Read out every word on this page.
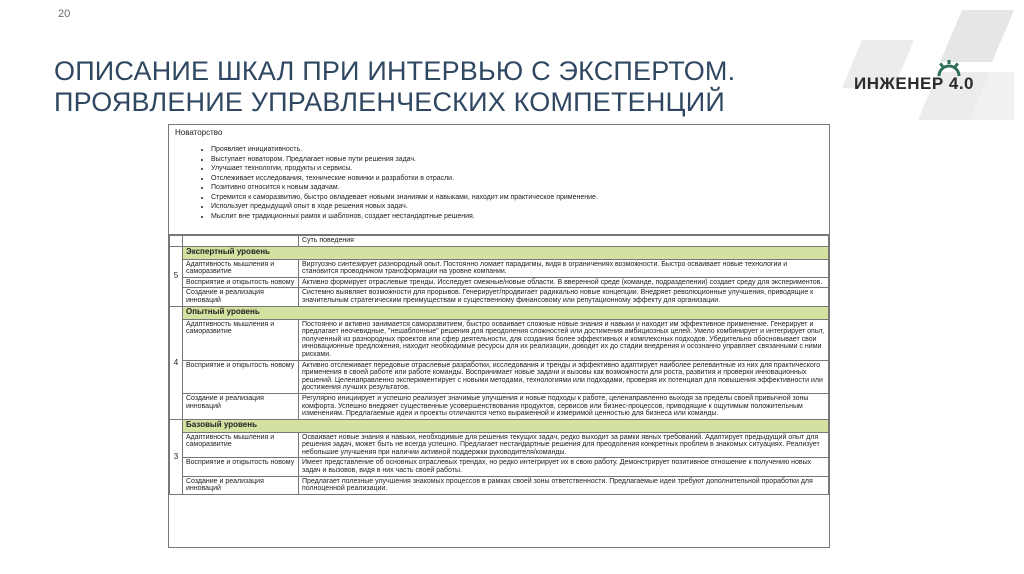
20
ОПИСАНИЕ ШКАЛ ПРИ ИНТЕРВЬЮ С ЭКСПЕРТОМ.
ПРОЯВЛЕНИЕ УПРАВЛЕНЧЕСКИХ КОМПЕТЕНЦИЙ
ИНЖЕНЕР 4.0
Новаторство
• Проявляет инициативность.
• Выступает новатором. Предлагает новые пути решения задач.
• Улучшает технологии, продукты и сервисы.
• Отслеживает исследования, технические новинки и разработки в отрасли.
• Позитивно относится к новым задачам.
• Стремится к саморазвитию, быстро овладевает новыми знаниями и навыками, находит им практическое применение.
• Использует предыдущий опыт в ходе решения новых задач.
• Мыслит вне традиционных рамок и шаблонов, создает нестандартные решения.
		Суть поведения
5	Экспертный уровень	
	Адаптивность мышления и саморазвитие	Виртуозно синтезирует разнородный опыт. Постоянно ломает парадигмы, видя в ограничениях возможности. Быстро осваивает новые технологии и становится проводником трансформации на уровне компании.
	Восприятие и открытость новому	Активно формирует отраслевые тренды. Исследует смежные/новые области. В вверенной среде (команде, подразделении) создает среду для экспериментов.
	Создание и реализация инноваций	Системно выявляет возможности для прорывов. Генерирует/продвигает радикально новые концепции. Внедряет революционные улучшения, приводящие к значительным стратегическим преимуществам и существенному финансовому или репутационному эффекту для организации.
4	Опытный уровень	
	Адаптивность мышления и саморазвитие	Постоянно и активно занимается саморазвитием, быстро осваивает сложные новые знания и навыки и находит им эффективное применение. Генерирует и предлагает неочевидные, "нешаблонные" решения для преодоления сложностей или достижения амбициозных целей. Умело комбинирует и интегрирует опыт, полученный из разнородных проектов или сфер деятельности, для создания более эффективных и комплексных подходов. Убедительно обосновывает свои инновационные предложения, находит необходимые ресурсы для их реализации, доводит их до стадии внедрения и осознанно управляет связанными с ними рисками.
	Восприятие и открытость новому	Активно отслеживает передовые отраслевые разработки, исследования и тренды и эффективно адаптирует наиболее релевантные из них для практического применения в своей работе или работе команды. Воспринимает новые задачи и вызовы как возможности для роста, развития и проверки инновационных решений. Целенаправленно экспериментирует с новыми методами, технологиями или подходами, проверяя их потенциал для повышения эффективности или достижения лучших результатов.
	Создание и реализация инноваций	Регулярно инициирует и успешно реализует значимые улучшения и новые подходы к работе, целенаправленно выходя за пределы своей привычной зоны комфорта. Успешно внедряет существенные усовершенствования продуктов, сервисов или бизнес-процессов, приводящие к ощутимым положительным изменениям. Предлагаемые идеи и проекты отличаются четко выраженной и измеримой ценностью для бизнеса или команды.
3	Базовый уровень	
	Адаптивность мышления и саморазвитие	Осваивает новые знания и навыки, необходимые для решения текущих задач, редко выходит за рамки явных требований. Адаптирует предыдущий опыт для решения задач, может быть не всегда успешно. Предлагает нестандартные решения для преодоления конкретных проблем в знакомых ситуациях. Реализует небольшие улучшения при наличии активной поддержки руководителя/команды.
	Восприятие и открытость новому	Имеет представление об основных отраслевых трендах, но редко интегрирует их в свою работу. Демонстрирует позитивное отношение к получению новых задач и вызовов, видя в них часть своей работы.
	Создание и реализация инноваций	Предлагает полезные улучшения знакомых процессов в рамках своей зоны ответственности. Предлагаемые идеи требуют дополнительной проработки для полноценной реализации.
